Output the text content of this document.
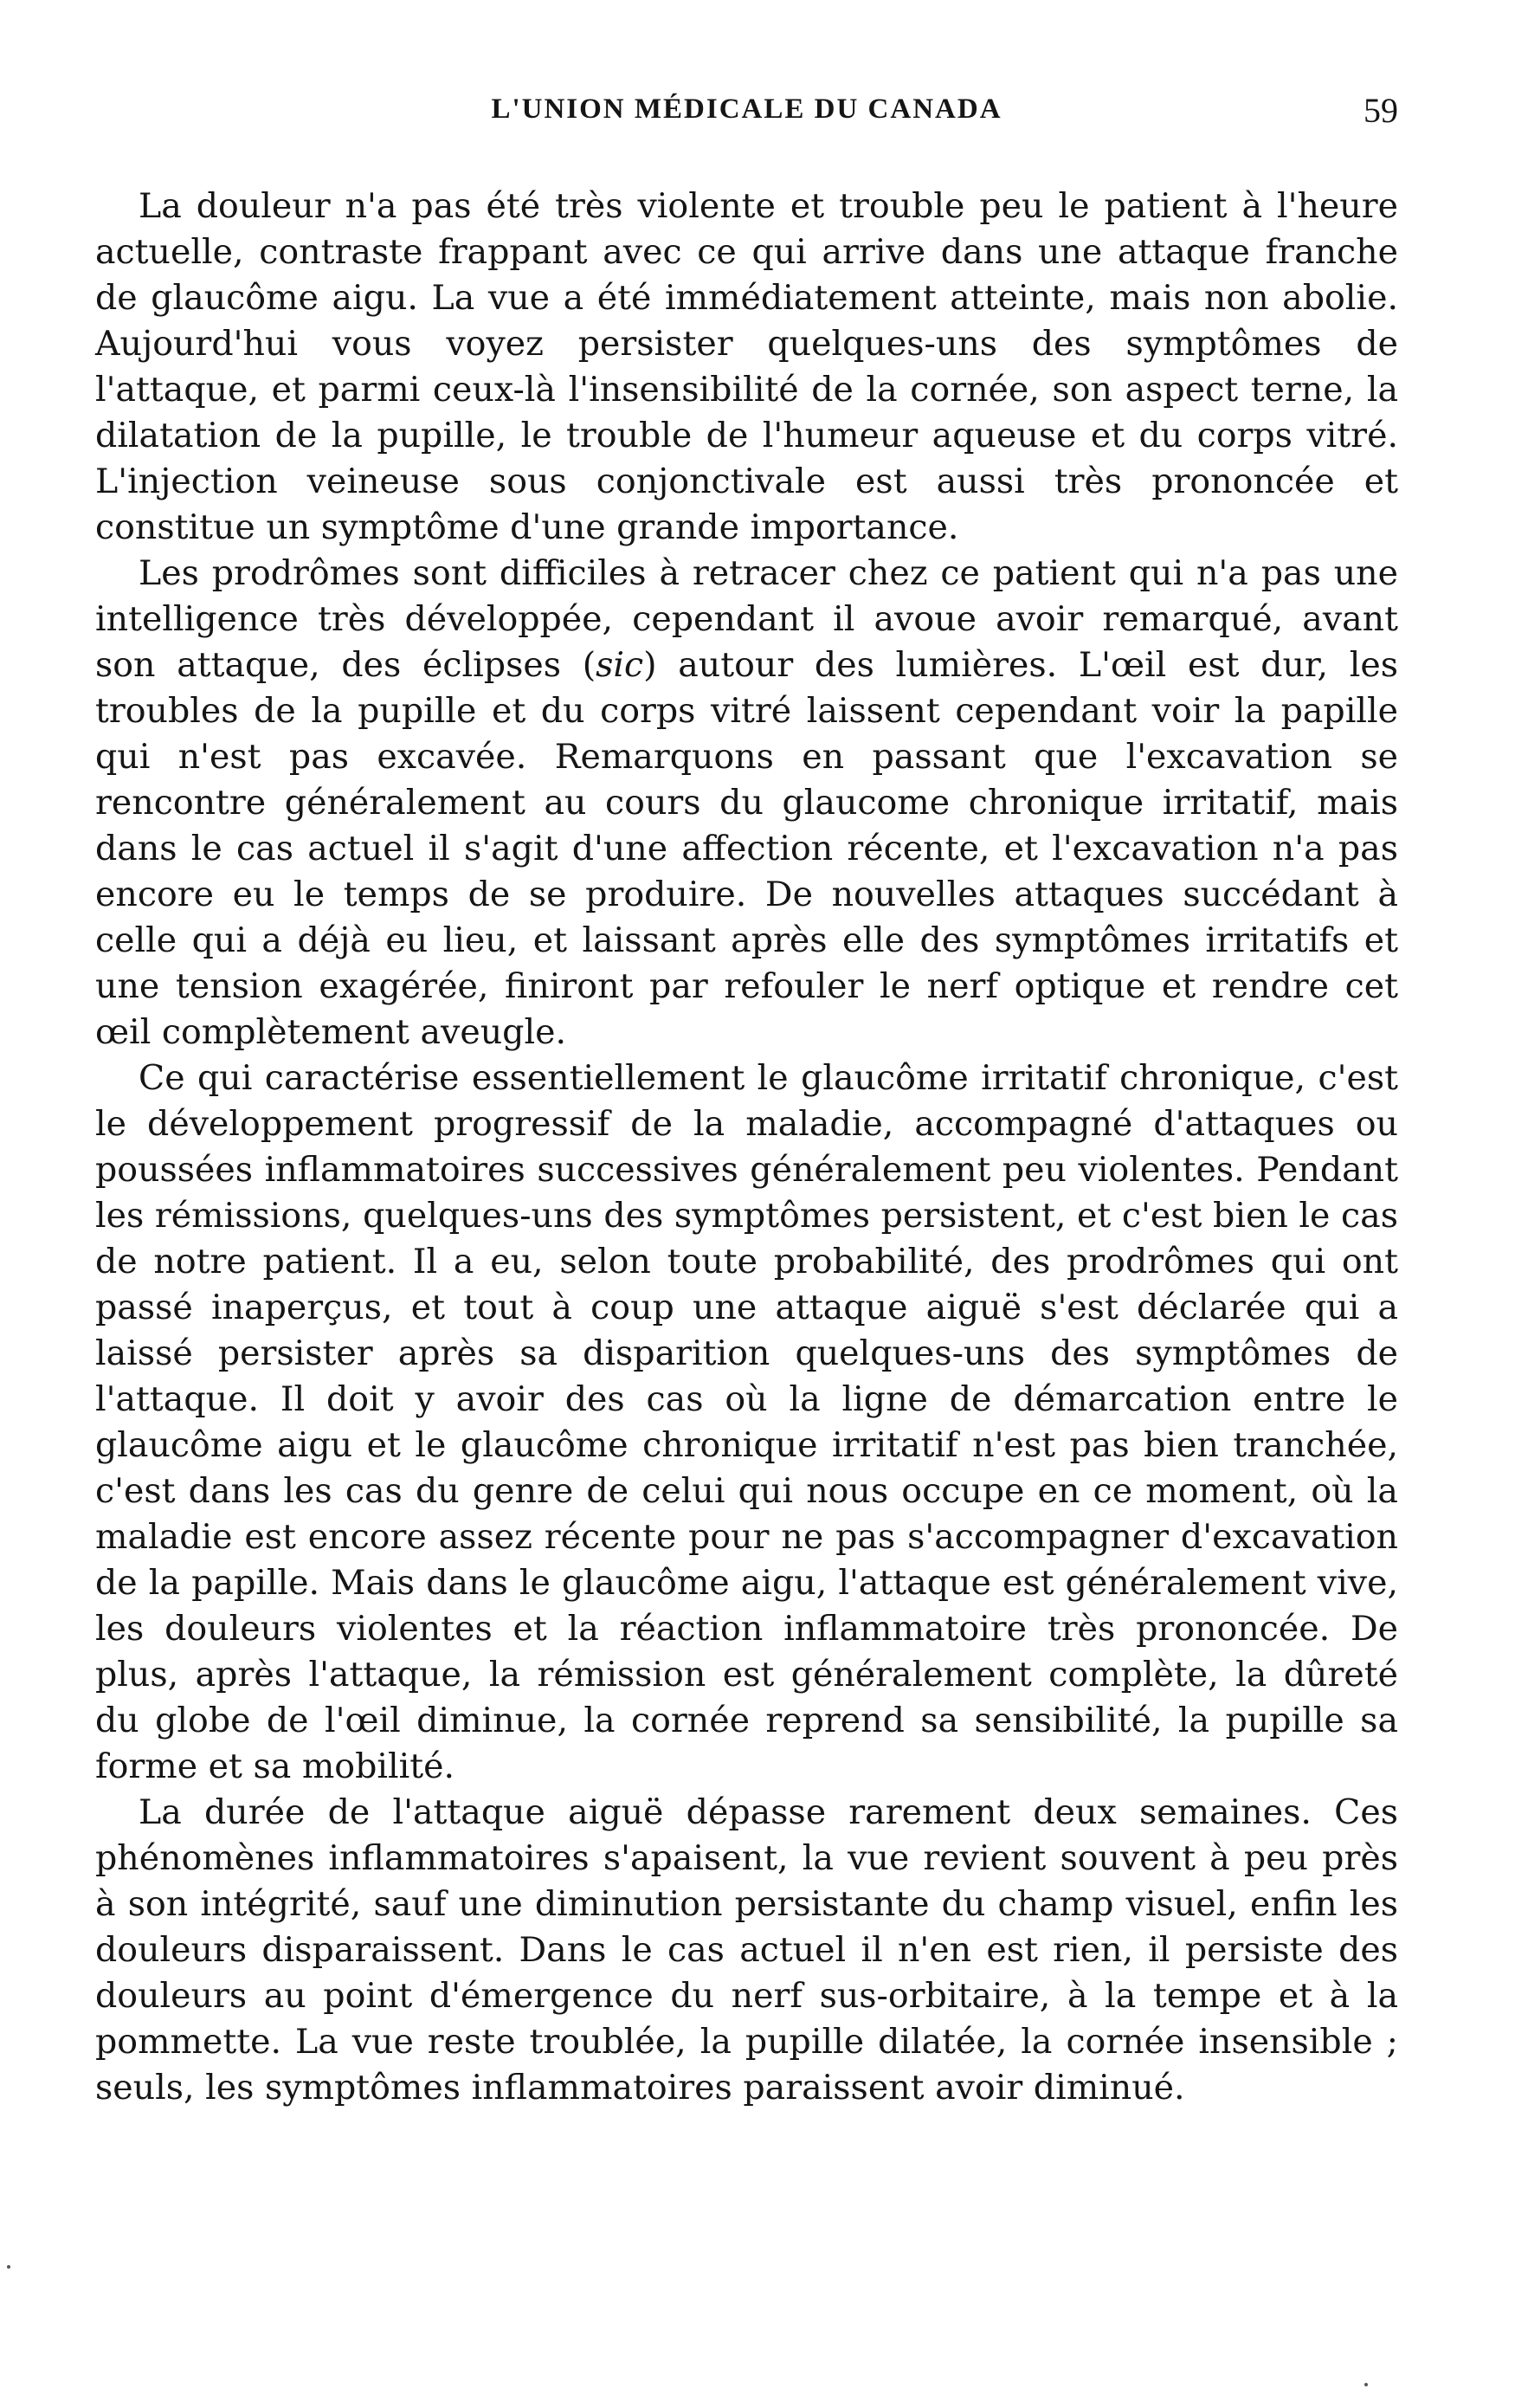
L'UNION MÉDICALE DU CANADA	59

La douleur n'a pas été très violente et trouble peu le patient à l'heure actuelle, contraste frappant avec ce qui arrive dans une attaque franche de glaucôme aigu. La vue a été immédiatement atteinte, mais non abolie. Aujourd'hui vous voyez persister quelques-uns des symptômes de l'attaque, et parmi ceux-là l'insensibilité de la cornée, son aspect terne, la dilatation de la pupille, le trouble de l'humeur aqueuse et du corps vitré. L'injection veineuse sous conjonctivale est aussi très prononcée et constitue un symptôme d'une grande importance.

Les prodrômes sont difficiles à retracer chez ce patient qui n'a pas une intelligence très développée, cependant il avoue avoir remarqué, avant son attaque, des éclipses (sic) autour des lumières. L'œil est dur, les troubles de la pupille et du corps vitré laissent cependant voir la papille qui n'est pas excavée. Remarquons en passant que l'excavation se rencontre généralement au cours du glaucome chronique irritatif, mais dans le cas actuel il s'agit d'une affection récente, et l'excavation n'a pas encore eu le temps de se produire. De nouvelles attaques succédant à celle qui a déjà eu lieu, et laissant après elle des symptômes irritatifs et une tension exagérée, finiront par refouler le nerf optique et rendre cet œil complètement aveugle.

Ce qui caractérise essentiellement le glaucôme irritatif chronique, c'est le développement progressif de la maladie, accompagné d'attaques ou poussées inflammatoires successives généralement peu violentes. Pendant les rémissions, quelques-uns des symptômes persistent, et c'est bien le cas de notre patient. Il a eu, selon toute probabilité, des prodrômes qui ont passé inaperçus, et tout à coup une attaque aiguë s'est déclarée qui a laissé persister après sa disparition quelques-uns des symptômes de l'attaque. Il doit y avoir des cas où la ligne de démarcation entre le glaucôme aigu et le glaucôme chronique irritatif n'est pas bien tranchée, c'est dans les cas du genre de celui qui nous occupe en ce moment, où la maladie est encore assez récente pour ne pas s'accompagner d'excavation de la papille. Mais dans le glaucôme aigu, l'attaque est généralement vive, les douleurs violentes et la réaction inflammatoire très prononcée. De plus, après l'attaque, la rémission est généralement complète, la dûreté du globe de l'œil diminue, la cornée reprend sa sensibilité, la pupille sa forme et sa mobilité.

La durée de l'attaque aiguë dépasse rarement deux semaines. Ces phénomènes inflammatoires s'apaisent, la vue revient souvent à peu près à son intégrité, sauf une diminution persistante du champ visuel, enfin les douleurs disparaissent. Dans le cas actuel il n'en est rien, il persiste des douleurs au point d'émergence du nerf sus-orbitaire, à la tempe et à la pommette. La vue reste troublée, la pupille dilatée, la cornée insensible ; seuls, les symptômes inflammatoires paraissent avoir diminué.
